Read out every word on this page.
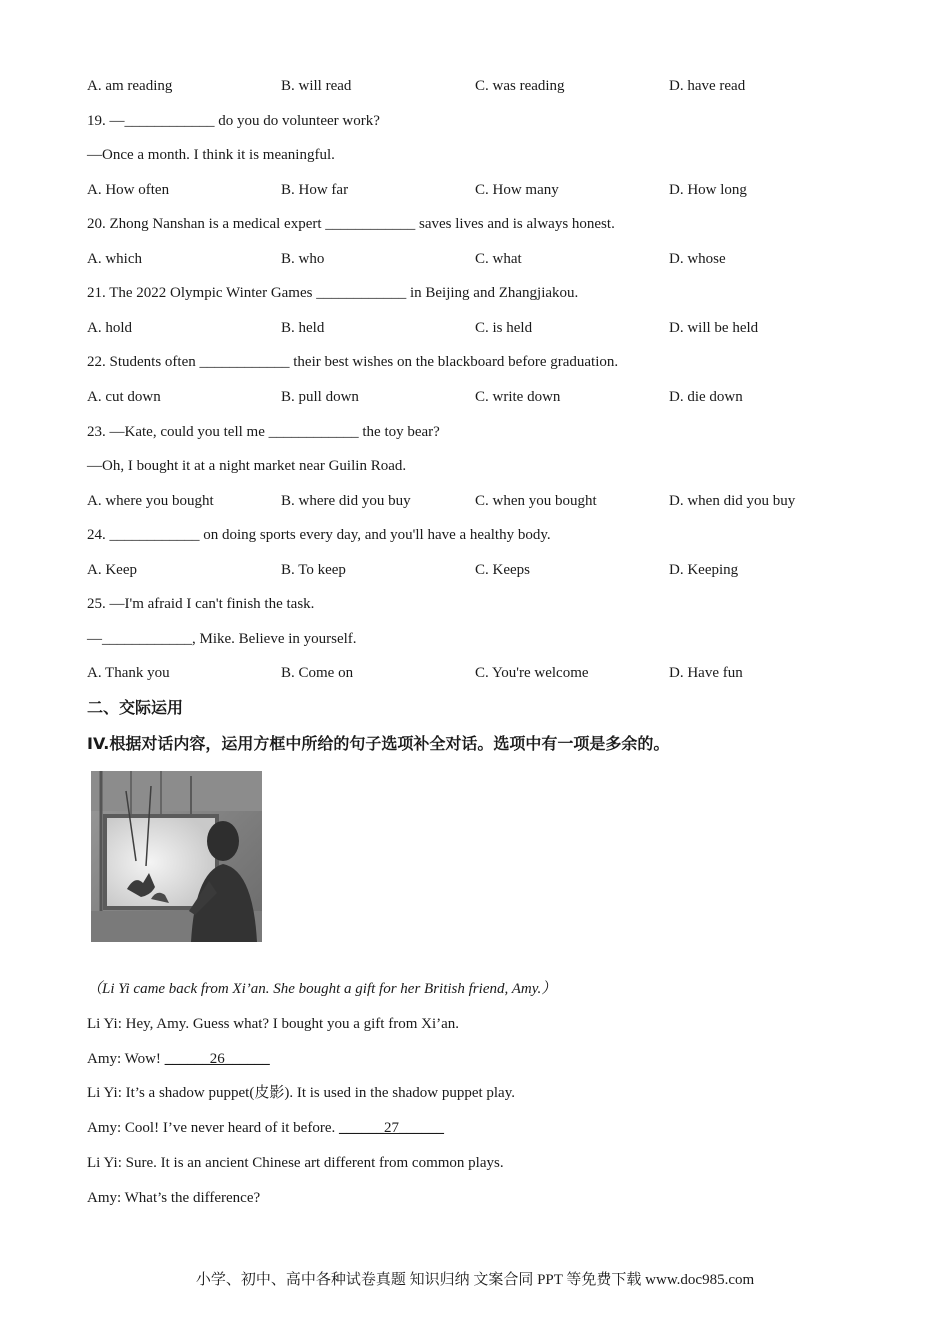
A. am reading	B. will read	C. was reading	D. have read
19. —____________ do you do volunteer work?
—Once a month. I think it is meaningful.
A. How often	B. How far	C. How many	D. How long
20. Zhong Nanshan is a medical expert ____________ saves lives and is always honest.
A. which	B. who	C. what	D. whose
21. The 2022 Olympic Winter Games ____________ in Beijing and Zhangjiakou.
A. hold	B. held	C. is held	D. will be held
22. Students often ____________ their best wishes on the blackboard before graduation.
A. cut down	B. pull down	C. write down	D. die down
23. —Kate, could you tell me ____________ the toy bear?
—Oh, I bought it at a night market near Guilin Road.
A. where you bought	B. where did you buy	C. when you bought	D. when did you buy
24. ____________ on doing sports every day, and you'll have a healthy body.
A. Keep	B. To keep	C. Keeps	D. Keeping
25. —I'm afraid I can't finish the task.
—____________, Mike. Believe in yourself.
A. Thank you	B. Come on	C. You're welcome	D. Have fun
二、交际运用
IV.根据对话内容，运用方框中所给的句子选项补全对话。选项中有一项是多余的。
（Li Yi came back from Xi’an. She bought a gift for her British friend, Amy.）
Li Yi: Hey, Amy. Guess what? I bought you a gift from Xi’an.
Amy: Wow! ______26______
Li Yi: It’s a shadow puppet(皮影). It is used in the shadow puppet play.
Amy: Cool! I’ve never heard of it before. ______27______
Li Yi: Sure. It is an ancient Chinese art different from common plays.
Amy: What’s the difference?
小学、初中、高中各种试卷真题 知识归纳 文案合同 PPT 等免费下载 www.doc985.com
